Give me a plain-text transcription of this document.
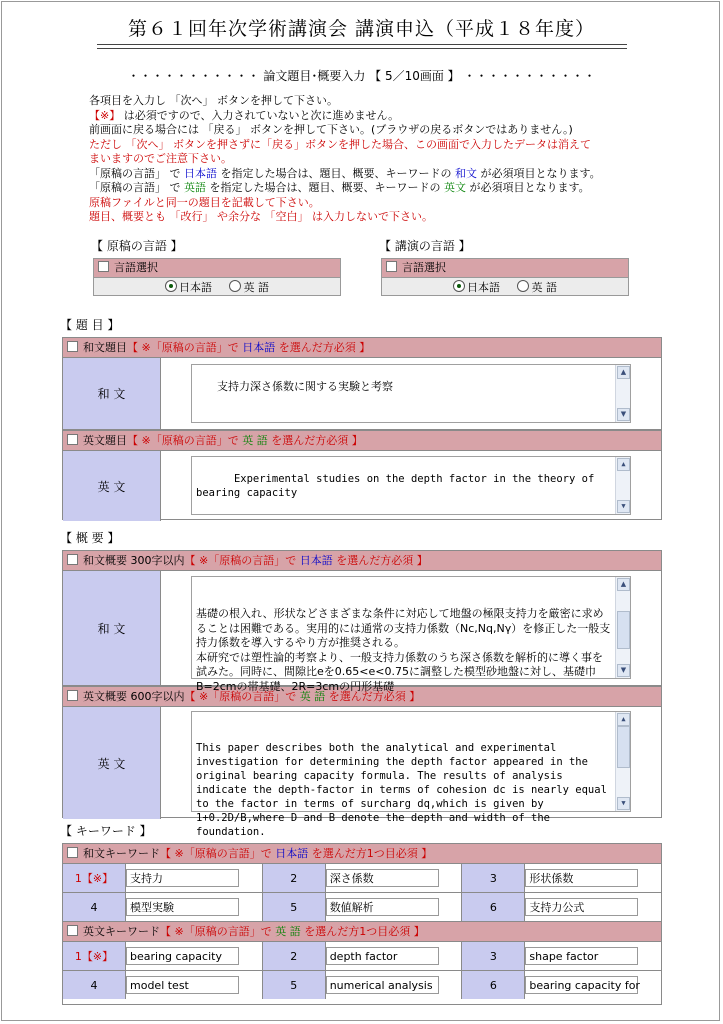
第６１回年次学術講演会 講演申込（平成１８年度）
・・・・・・・・・・・ 論文題目･概要入力 【 5／10画面 】 ・・・・・・・・・・・
各項目を入力し 「次へ」 ボタンを押して下さい。
【※】 は必須ですので、入力されていないと次に進めません。
前画面に戻る場合には 「戻る」 ボタンを押して下さい。(ブラウザの戻るボタンではありません。)
ただし 「次へ」 ボタンを押さずに「戻る」ボタンを押した場合、この画面で入力したデータは消えて
まいますのでご注意下さい。
「原稿の言語」 で 日本語 を指定した場合は、題目、概要、キーワードの 和文 が必須項目となります。
「原稿の言語」 で 英語 を指定した場合は、題目、概要、キーワードの 英文 が必須項目となります。
原稿ファイルと同一の題目を記載して下さい。
題目、概要とも 「改行」 や余分な 「空白」 は入力しないで下さい。
【 原稿の言語 】
言語選択
日本語	英 語
【 講演の言語 】
言語選択
日本語	英 語
【 題 目 】
和文題目【 ※「原稿の言語」で 日本語 を選んだ方必須 】
和 文

支持力深さ係数に関する実験と考察

▲
▼

英文題目【 ※「原稿の言語」で 英 語 を選んだ方必須 】
英 文

Experimental studies on the depth factor in the theory of bearing capacity

▲
▼

【 概 要 】
和文概要 300字以内【 ※「原稿の言語」で 日本語 を選んだ方必須 】
和 文

基礎の根入れ、形状などさまざまな条件に対応して地盤の極限支持力を厳密に求めることは困難である。実用的には通常の支持力係数（Nc,Nq,Nγ）を修正した一般支持力係数を導入するやり方が推奨される。
本研究では塑性論的考察より、一般支持力係数のうち深さ係数を解析的に導く事を試みた。同時に、間隙比eを0.65<e<0.75に調整した模型砂地盤に対し、基礎巾B=2cmの帯基礎、2R=3cmの円形基礎

▲
▼

英文概要 600字以内【 ※「原稿の言語」で 英 語 を選んだ方必須 】
英 文

This paper describes both the analytical and experimental investigation for determining the depth factor appeared in the original bearing capacity formula. The results of analysis indicate the depth-factor in terms of cohesion dc is nearly equal to the factor in terms of surcharg dq,which is given by 1+0.2D/B,where D and B denote the depth and width of the foundation.

▲
▼

【 キーワード 】
和文キーワード【 ※「原稿の言語」で 日本語 を選んだ方1つ目必須 】
1【※】	支持力	2	深さ係数	3	形状係数
4	模型実験	5	数値解析	6	支持力公式
英文キーワード【 ※「原稿の言語」で 英 語 を選んだ方1つ目必須 】
1【※】	bearing capacity	2	depth factor	3	shape factor
4	model test	5	numerical analysis	6	bearing capacity for
